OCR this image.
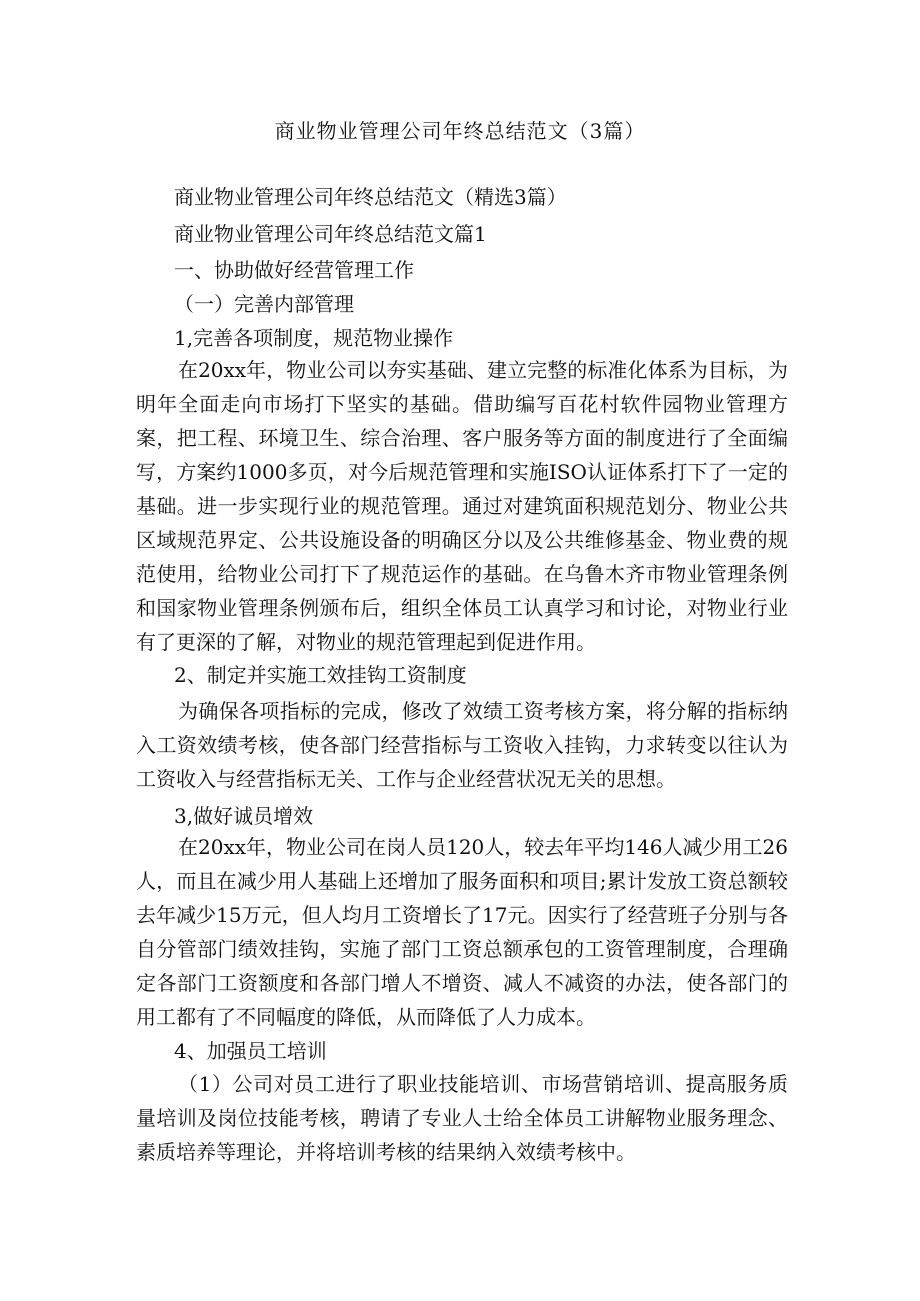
商业物业管理公司年终总结范文（3篇）
商业物业管理公司年终总结范文（精选3篇）
商业物业管理公司年终总结范文篇1
一、协助做好经营管理工作
（一）完善内部管理
1,完善各项制度，规范物业操作
在20xx年，物业公司以夯实基础、建立完整的标准化体系为目标，为明年全面走向市场打下坚实的基础。借助编写百花村软件园物业管理方案，把工程、环境卫生、综合治理、客户服务等方面的制度进行了全面编写，方案约1000多页，对今后规范管理和实施ISO认证体系打下了一定的基础。进一步实现行业的规范管理。通过对建筑面积规范划分、物业公共区域规范界定、公共设施设备的明确区分以及公共维修基金、物业费的规范使用，给物业公司打下了规范运作的基础。在乌鲁木齐市物业管理条例和国家物业管理条例颁布后，组织全体员工认真学习和讨论，对物业行业有了更深的了解，对物业的规范管理起到促进作用。
2、制定并实施工效挂钩工资制度
为确保各项指标的完成，修改了效绩工资考核方案，将分解的指标纳入工资效绩考核，使各部门经营指标与工资收入挂钩，力求转变以往认为工资收入与经营指标无关、工作与企业经营状况无关的思想。
3,做好诚员增效
在20xx年，物业公司在岗人员120人，较去年平均146人减少用工26人，而且在减少用人基础上还增加了服务面积和项目;累计发放工资总额较去年减少15万元，但人均月工资增长了17元。因实行了经营班子分别与各自分管部门绩效挂钩，实施了部门工资总额承包的工资管理制度，合理确定各部门工资额度和各部门增人不增资、减人不减资的办法，使各部门的用工都有了不同幅度的降低，从而降低了人力成本。
4、加强员工培训
（1）公司对员工进行了职业技能培训、市场营销培训、提高服务质量培训及岗位技能考核，聘请了专业人士给全体员工讲解物业服务理念、素质培养等理论，并将培训考核的结果纳入效绩考核中。
